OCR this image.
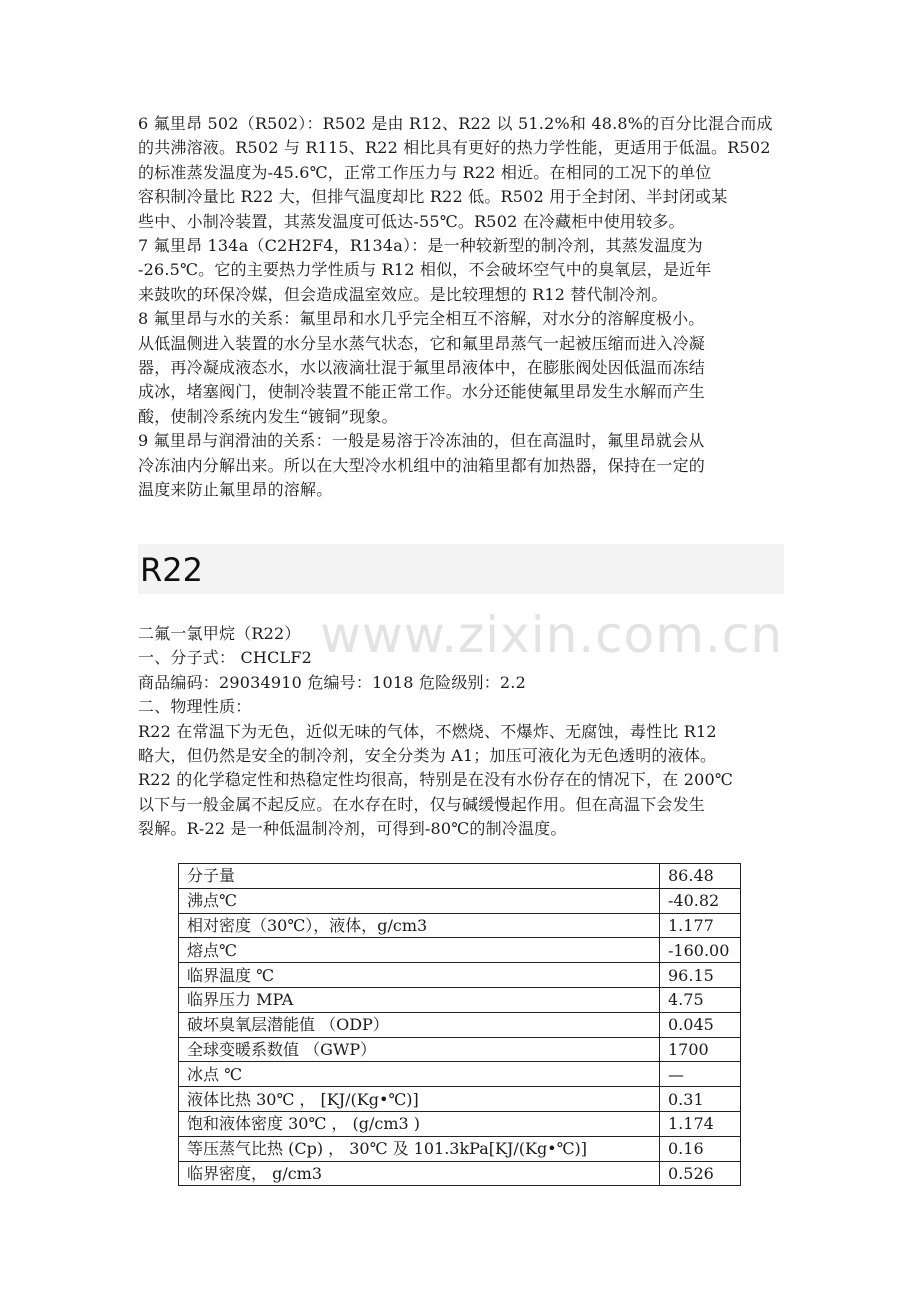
6 氟里昂 502（R502）：R502 是由 R12、R22 以 51.2%和 48.8%的百分比混合而成
的共沸溶液。R502 与 R115、R22 相比具有更好的热力学性能，更适用于低温。R502
的标准蒸发温度为-45.6℃，正常工作压力与 R22 相近。在相同的工况下的单位
容积制冷量比 R22 大，但排气温度却比 R22 低。R502 用于全封闭、半封闭或某
些中、小制冷装置，其蒸发温度可低达-55℃。R502 在冷藏柜中使用较多。
7 氟里昂 134a（C2H2F4，R134a）：是一种较新型的制冷剂，其蒸发温度为
-26.5℃。它的主要热力学性质与 R12 相似，不会破坏空气中的臭氧层，是近年
来鼓吹的环保冷媒，但会造成温室效应。是比较理想的 R12 替代制冷剂。
8 氟里昂与水的关系：氟里昂和水几乎完全相互不溶解，对水分的溶解度极小。
从低温侧进入装置的水分呈水蒸气状态，它和氟里昂蒸气一起被压缩而进入冷凝
器，再冷凝成液态水，水以液滴壮混于氟里昂液体中，在膨胀阀处因低温而冻结
成冰，堵塞阀门，使制冷装置不能正常工作。水分还能使氟里昂发生水解而产生
酸，使制冷系统内发生“镀铜”现象。
9 氟里昂与润滑油的关系：一般是易溶于冷冻油的，但在高温时，氟里昂就会从
冷冻油内分解出来。所以在大型冷水机组中的油箱里都有加热器，保持在一定的
温度来防止氟里昂的溶解。
R22
www.zixin.com.cn
二氟一氯甲烷（R22）
一、分子式： CHCLF2
商品编码：29034910 危编号：1018 危险级别：2.2
二、物理性质：
R22 在常温下为无色，近似无味的气体，不燃烧、不爆炸、无腐蚀，毒性比 R12
略大，但仍然是安全的制冷剂，安全分类为 A1；加压可液化为无色透明的液体。
R22 的化学稳定性和热稳定性均很高，特别是在没有水份存在的情况下，在 200℃
以下与一般金属不起反应。在水存在时，仅与碱缓慢起作用。但在高温下会发生
裂解。R-22 是一种低温制冷剂，可得到-80℃的制冷温度。
分子量	86.48
沸点℃	-40.82
相对密度（30℃），液体，g/cm3	1.177
熔点℃	-160.00
临界温度 ℃	96.15
临界压力 MPA	4.75
破坏臭氧层潜能值 （ODP）	0.045
全球变暖系数值 （GWP）	1700
冰点 ℃	—
液体比热 30℃ ， [KJ/(Kg•℃)]	0.31
饱和液体密度 30℃ ， (g/cm3 )	1.174
等压蒸气比热 (Cp) ， 30℃ 及 101.3kPa[KJ/(Kg•℃)]	0.16
临界密度， g/cm3	0.526
